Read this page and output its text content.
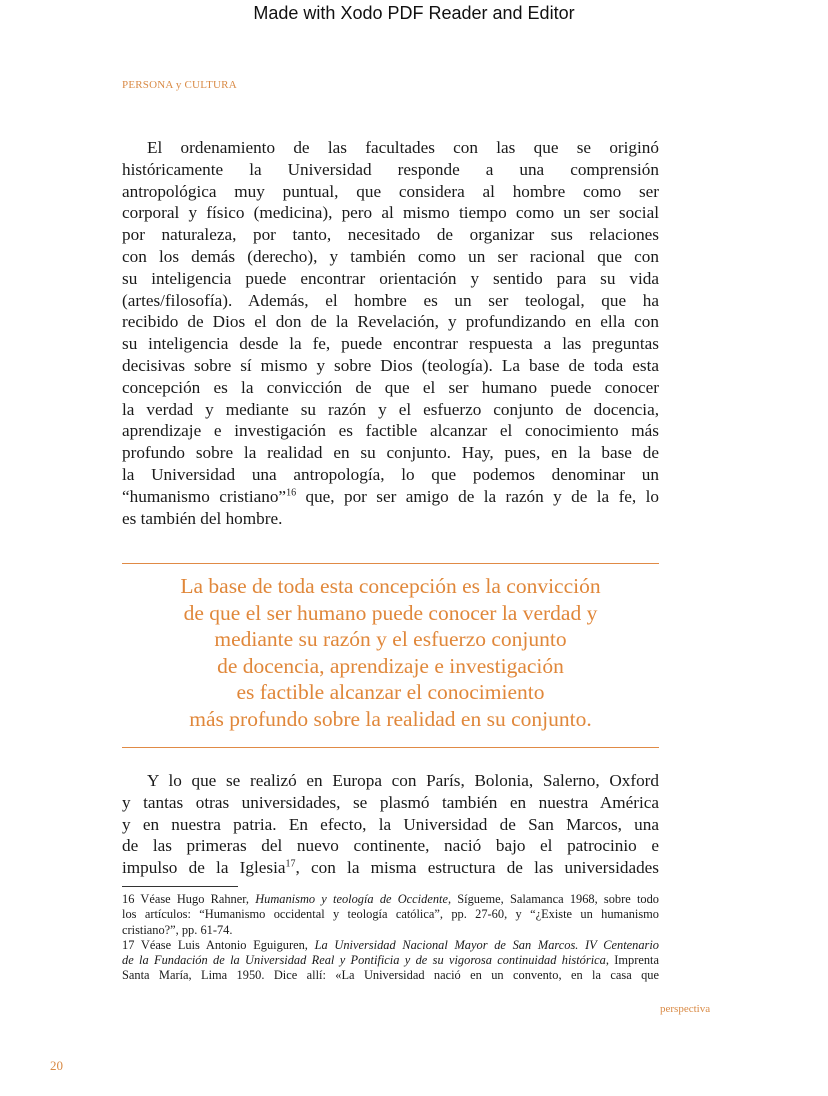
Made with Xodo PDF Reader and Editor
PERSONA y CULTURA
El ordenamiento de las facultades con las que se originó
históricamente la Universidad responde a una comprensión
antropológica muy puntual, que considera al hombre como ser
corporal y físico (medicina), pero al mismo tiempo como un ser social
por naturaleza, por tanto, necesitado de organizar sus relaciones
con los demás (derecho), y también como un ser racional que con
su inteligencia puede encontrar orientación y sentido para su vida
(artes/filosofía). Además, el hombre es un ser teologal, que ha
recibido de Dios el don de la Revelación, y profundizando en ella con
su inteligencia desde la fe, puede encontrar respuesta a las preguntas
decisivas sobre sí mismo y sobre Dios (teología). La base de toda esta
concepción es la convicción de que el ser humano puede conocer
la verdad y mediante su razón y el esfuerzo conjunto de docencia,
aprendizaje e investigación es factible alcanzar el conocimiento más
profundo sobre la realidad en su conjunto. Hay, pues, en la base de
la Universidad una antropología, lo que podemos denominar un
“humanismo cristiano”$^{16}$ que, por ser amigo de la razón y de la fe, lo
es también del hombre.
La base de toda esta concepción es la convicción
de que el ser humano puede conocer la verdad y
mediante su razón y el esfuerzo conjunto
de docencia, aprendizaje e investigación
es factible alcanzar el conocimiento
más profundo sobre la realidad en su conjunto.
Y lo que se realizó en Europa con París, Bolonia, Salerno, Oxford
y tantas otras universidades, se plasmó también en nuestra América
y en nuestra patria. En efecto, la Universidad de San Marcos, una
de las primeras del nuevo continente, nació bajo el patrocinio e
impulso de la Iglesia$^{17}$, con la misma estructura de las universidades
16 Véase Hugo Rahner, Humanismo y teología de Occidente, Sígueme, Salamanca 1968, sobre todo
los artículos: “Humanismo occidental y teología católica”, pp. 27-60, y “¿Existe un humanismo
cristiano?”, pp. 61-74.
17 Véase Luis Antonio Eguiguren, La Universidad Nacional Mayor de San Marcos. IV Centenario
de la Fundación de la Universidad Real y Pontificia y de su vigorosa continuidad histórica, Imprenta
Santa María, Lima 1950. Dice allí: «La Universidad nació en un convento, en la casa que
perspectiva
20
